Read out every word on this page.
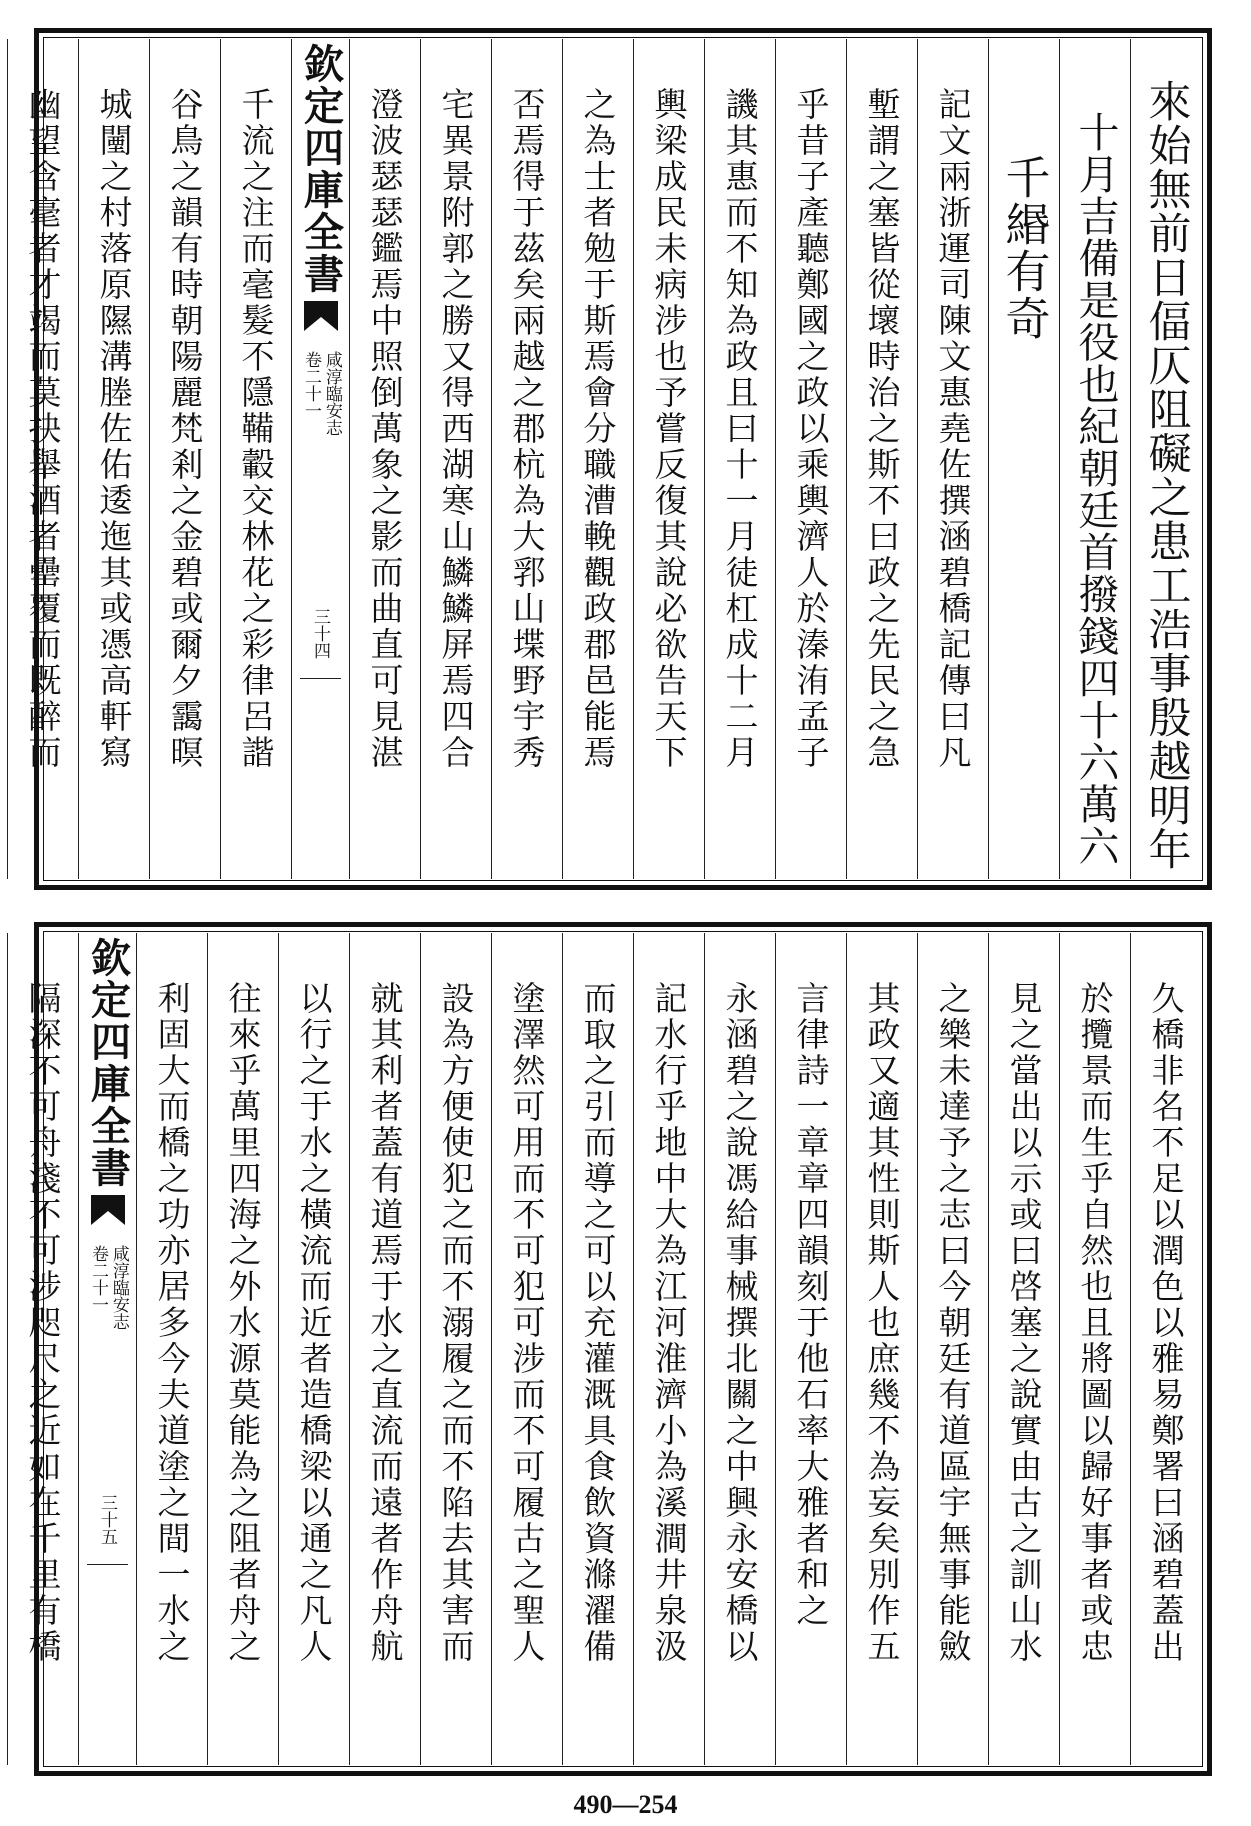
來始無前日偪仄阻礙之患工浩事殷越明年
十月吉備是役也紀朝廷首撥錢四十六萬六
千緡有奇
記文兩浙運司陳文惠堯佐撰涵碧橋記傳曰凡
塹謂之塞皆從壞時治之斯不曰政之先民之急
乎昔子產聽鄭國之政以乘輿濟人於溱洧孟子
譏其惠而不知為政且曰十一月徒杠成十二月
輿梁成民未病涉也予嘗反復其說必欲告天下
之為士者勉于斯焉會分職漕輓觀政郡邑能焉
否焉得于茲矣兩越之郡杭為大郛山堞野宇秀
宅異景附郭之勝又得西湖寒山鱗鱗屏焉四合
澄波瑟瑟鑑焉中照倒萬象之影而曲直可見湛
欽定四庫全書
咸淳臨安志
卷二十一
三十四
千流之注而毫髮不隱鞴轂交林花之彩律呂諧
谷鳥之韻有時朝陽麗梵剎之金碧或爾夕靄暝
城闉之村落原隰溝塍佐佑逶迤其或憑高軒寫
幽望含毫者才竭而莫抉舉酒者罍覆而既醉而
久橋非名不足以潤色以雅易鄭署曰涵碧蓋出
於攬景而生乎自然也且將圖以歸好事者或忠
見之當出以示或曰啓塞之說實由古之訓山水
之樂未達予之志曰今朝廷有道區宇無事能斂
其政又適其性則斯人也庶幾不為妄矣別作五
言律詩一章章四韻刻于他石率大雅者和之
永涵碧之說馮給事械撰北關之中興永安橋以
記水行乎地中大為江河淮濟小為溪澗井泉汲
而取之引而導之可以充灌溉具食飲資滌濯備
塗澤然可用而不可犯可涉而不可履古之聖人
設為方便使犯之而不溺履之而不陷去其害而
就其利者蓋有道焉于水之直流而遠者作舟航
以行之于水之橫流而近者造橋梁以通之凡人
往來乎萬里四海之外水源莫能為之阻者舟之
利固大而橋之功亦居多今夫道塗之間一水之
欽定四庫全書
咸淳臨安志
卷二十一
三十五
隔深不可舟淺不可涉咫尺之近如在千里有橋
490—254
